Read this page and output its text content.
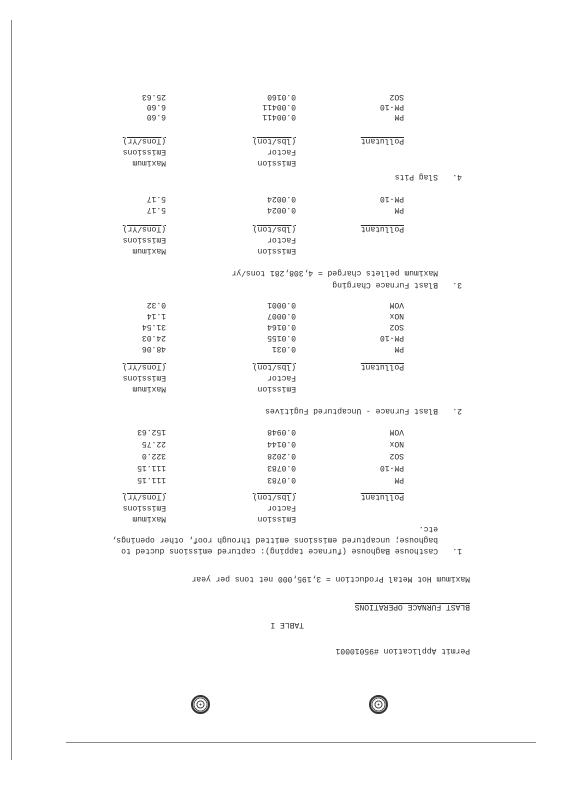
Permit Application #95010001
TABLE I
BLAST FURNACE OPERATIONS
Maximum Hot Metal Production = 3,195,000 net tons per year
1.
Casthouse Baghouse (furnace tapping): captured emissions ducted to
baghouse; uncaptured emissions emitted through roof, other openings,
etc.
Emission
Maximum
Factor
Emissions
Pollutant
(lbs/ton)
(Tons/Yr)
PM
0.0783
111.15
PM-10
0.0783
111.15
SO2
0.2028
322.0
NOx
0.0144
22.75
VOM
0.0948
152.63
2.
Blast Furnace - Uncaptured Fugitives
Emission
Maximum
Factor
Emissions
Pollutant
(lbs/ton)
(Tons/Yr)
PM
0.031
48.06
PM-10
0.0155
24.03
SO2
0.0164
31.54
NOx
0.0007
1.14
VOM
0.0001
0.32
3.
Blast Furnace Charging
Maximum pellets charged = 4,308,281 tons/yr
Emission
Maximum
Factor
Emissions
Pollutant
(lbs/ton)
(Tons/Yr)
PM
0.0024
5.17
PM-10
0.0024
5.17
4.
Slag Pits
Emission
Maximum
Factor
Emissions
Pollutant
(lbs/ton)
(Tons/Yr)
PM
0.00411
6.60
PM-10
0.00411
6.60
SO2
0.0160
25.63
